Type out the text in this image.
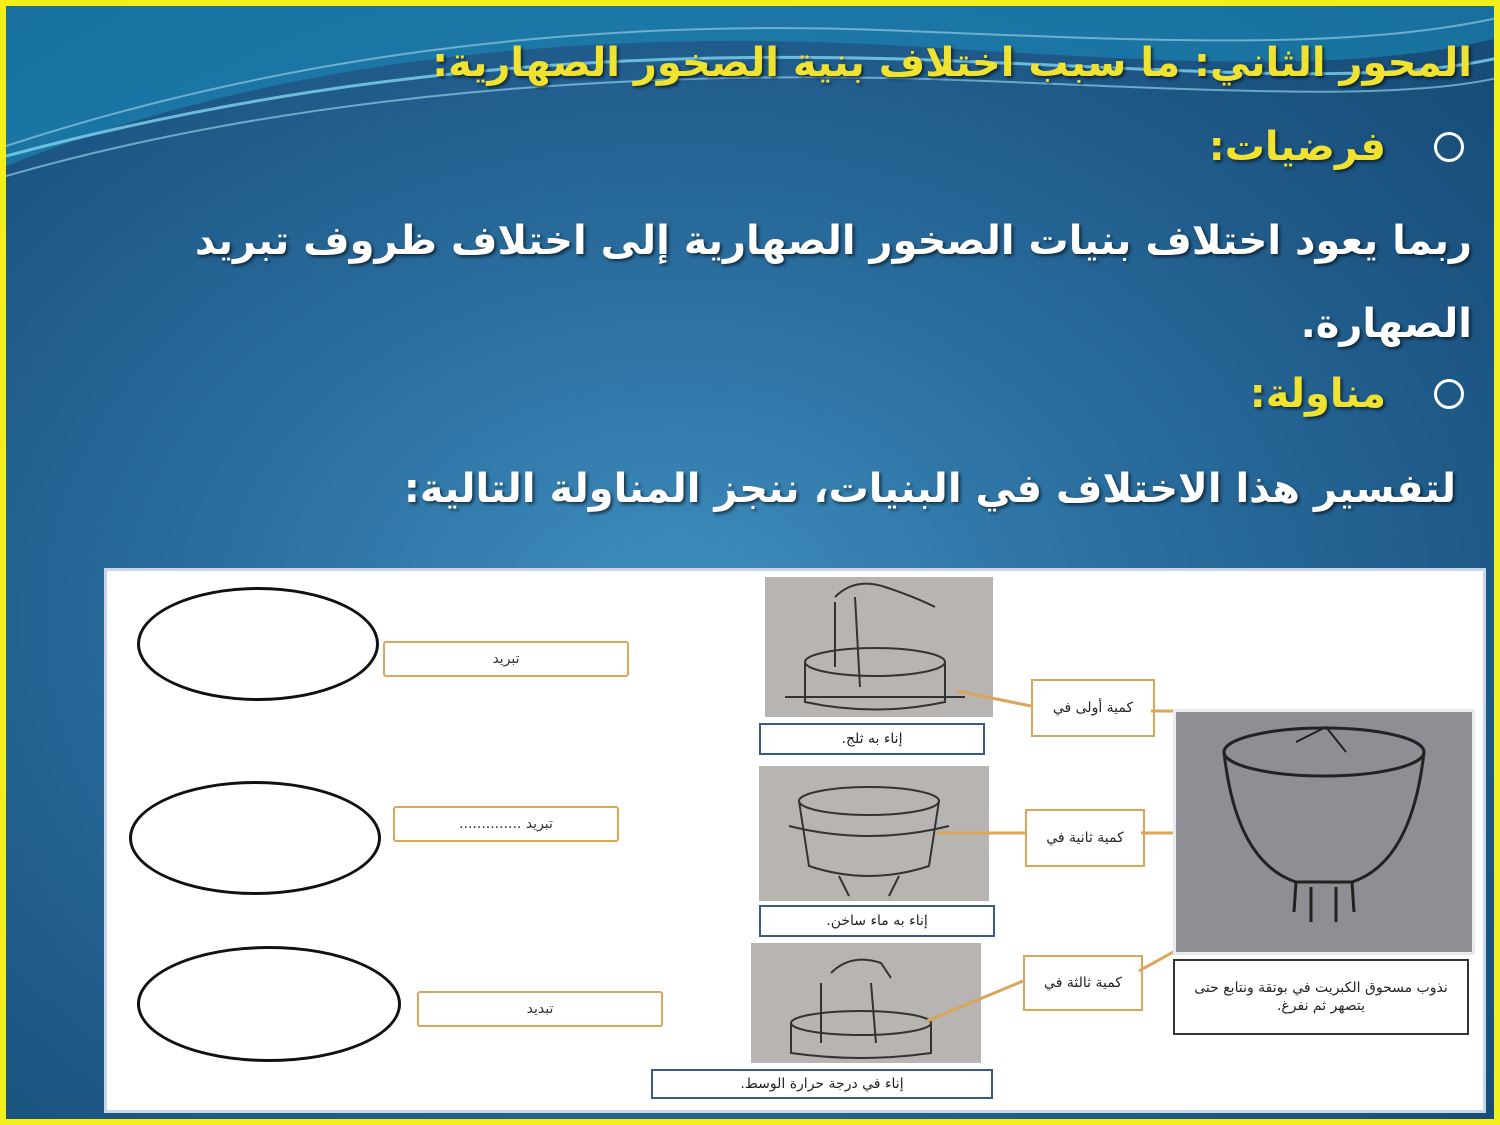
المحور الثاني: ما سبب اختلاف بنية الصخور الصهارية:
فرضيات:
ربما يعود اختلاف بنيات الصخور الصهارية إلى اختلاف ظروف تبريد
الصهارة.
مناولة:
لتفسير هذا الاختلاف في البنيات، ننجز المناولة التالية:
تبريد
تبريد ..............
تبديد
إناء به ثلج.
إناء به ماء ساخن.
إناء في درجة حرارة الوسط.
كمية أولى في
كمية ثانية في
كمية ثالثة في	نذوب مسحوق الكبريت في بوتقة ونتابع حتى يتصهر ثم نفرغ.
